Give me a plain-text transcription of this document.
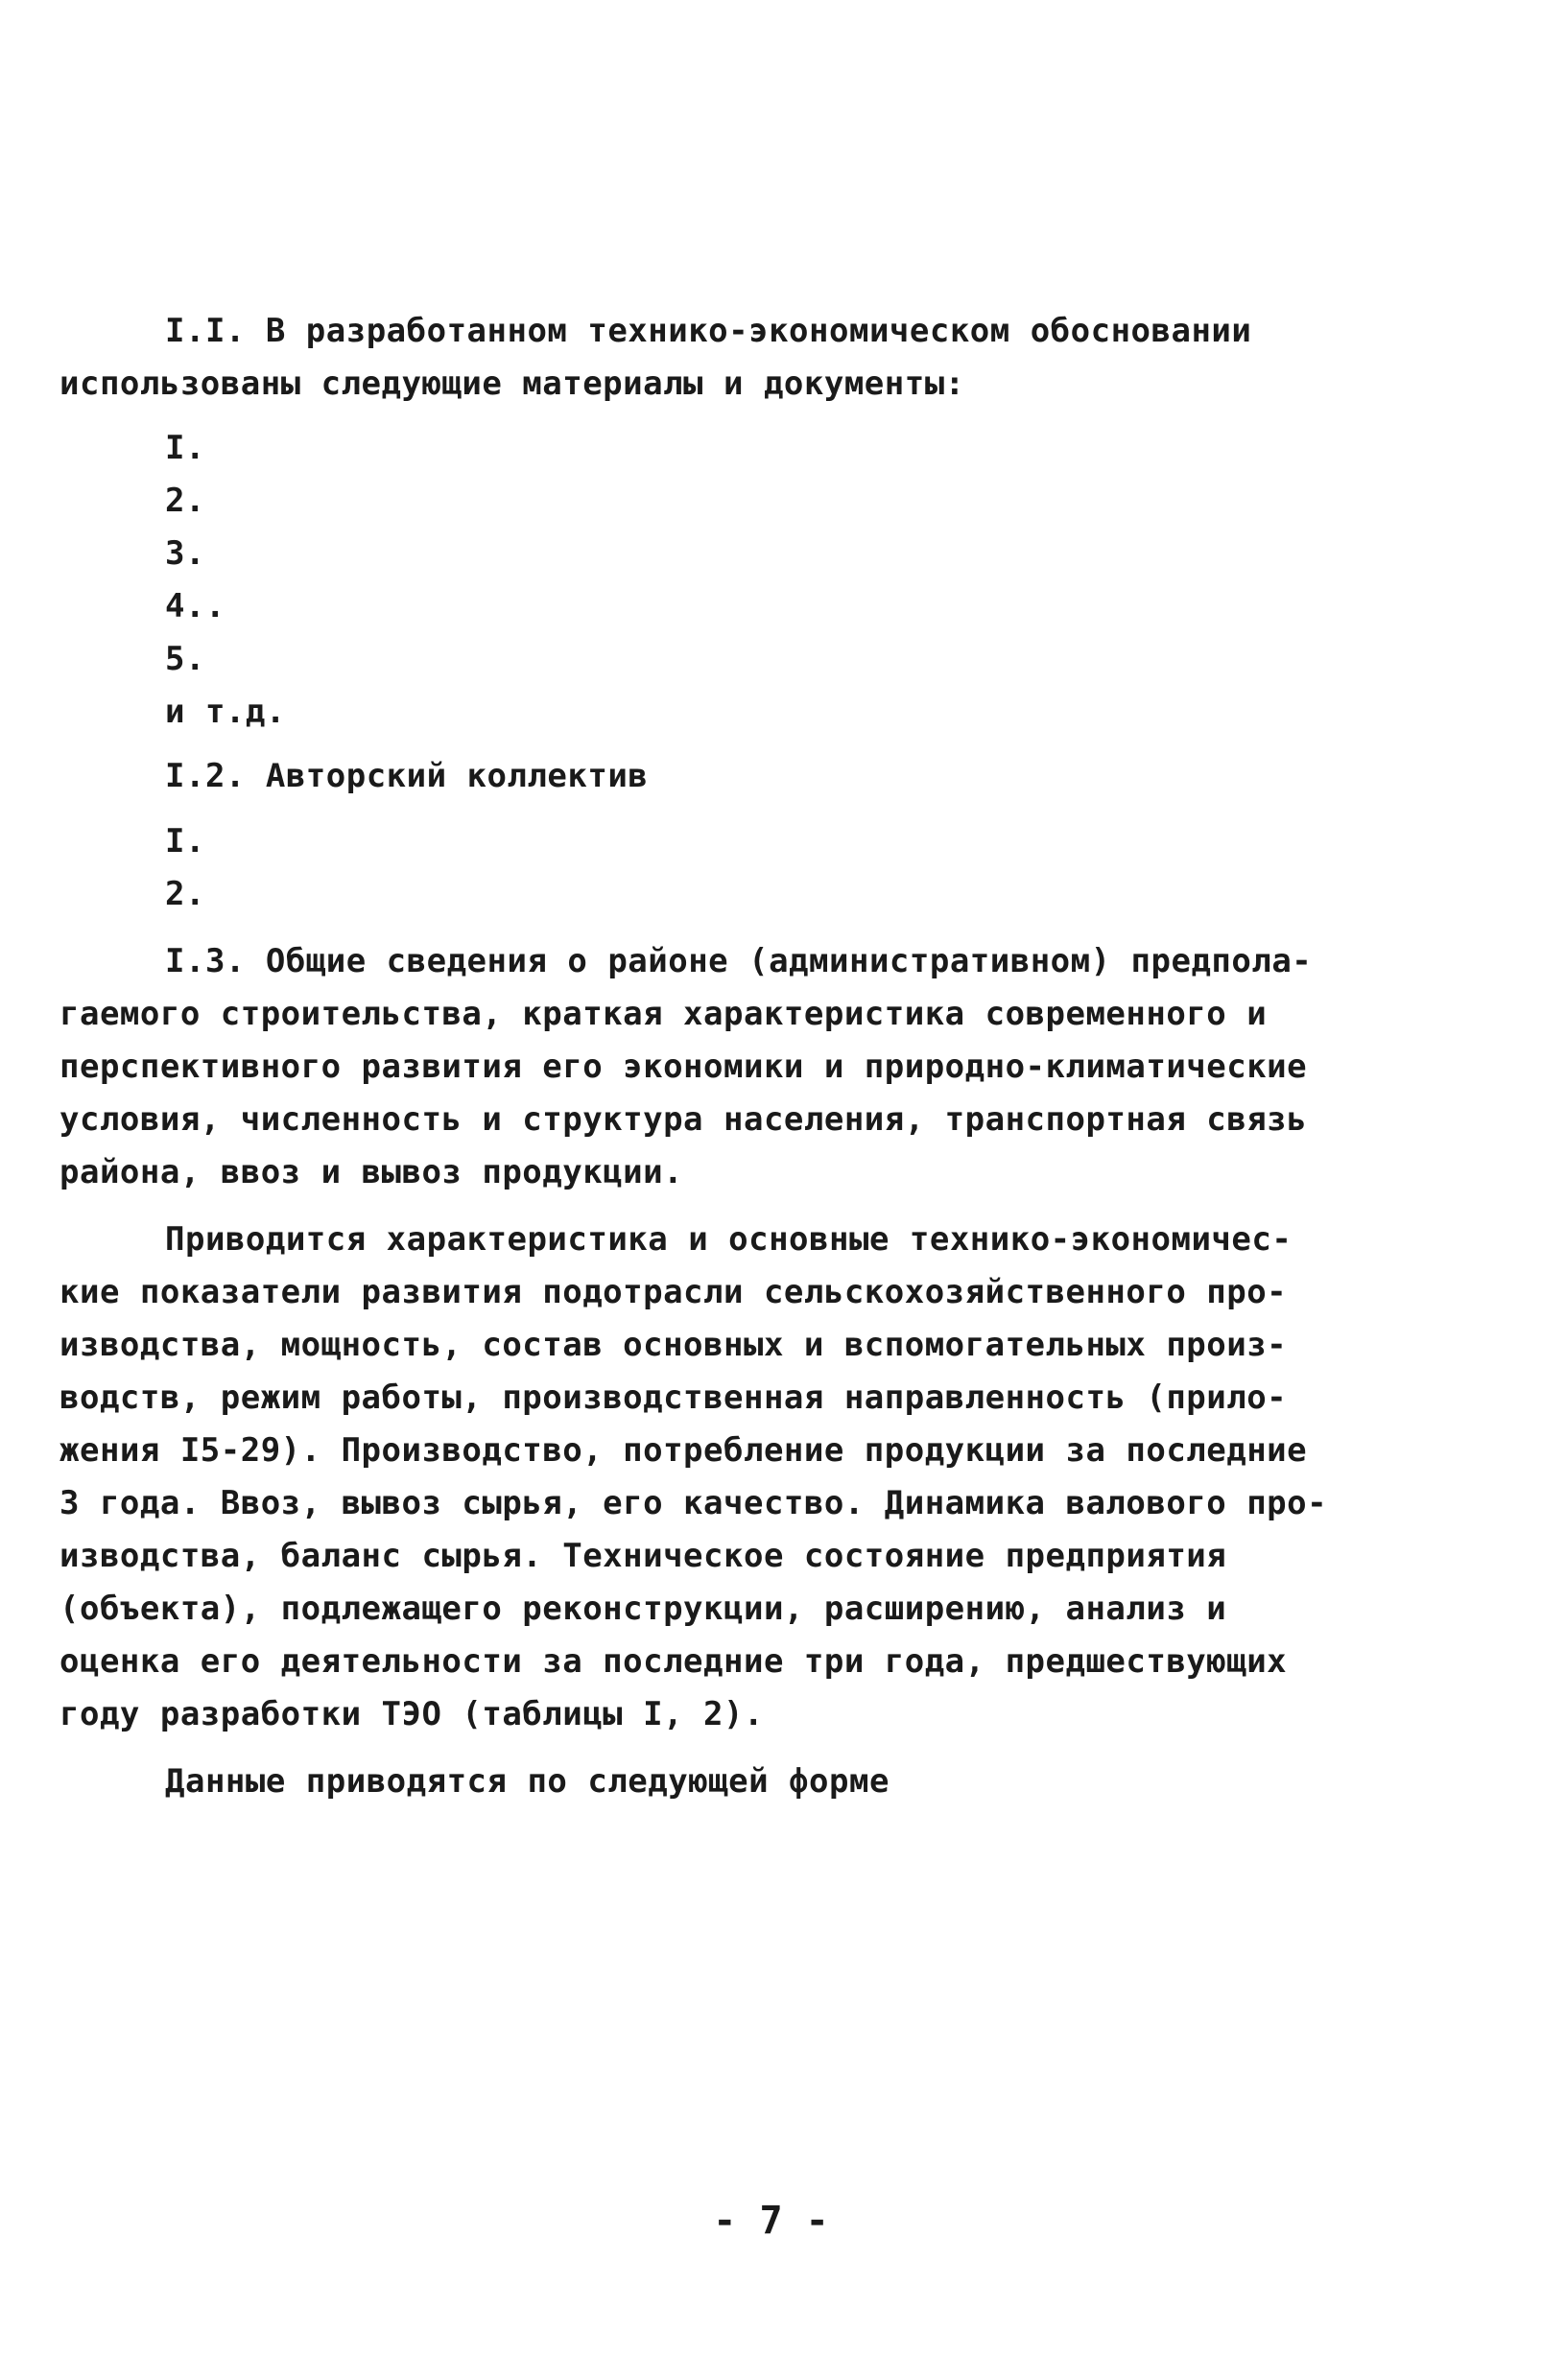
I.I. В разработанном технико-экономическом обосновании
использованы следующие материалы и документы:
I.
2.
3.
4..
5.
и т.д.
I.2. Авторский коллектив
I.
2.
I.3. Общие сведения о районе (административном) предпола-
гаемого строительства, краткая характеристика современного и
перспективного развития его экономики и природно-климатические
условия, численность и структура населения, транспортная связь
района, ввоз и вывоз продукции.
Приводится характеристика и основные технико-экономичес-
кие показатели развития подотрасли сельскохозяйственного про-
изводства, мощность, состав основных и вспомогательных произ-
водств, режим работы, производственная направленность (прило-
жения I5-29). Производство, потребление продукции за последние
3 года. Ввоз, вывоз сырья, его качество. Динамика валового про-
изводства, баланс сырья. Техническое состояние предприятия
(объекта), подлежащего реконструкции, расширению, анализ и
оценка его деятельности за последние три года, предшествующих
году разработки ТЭО (таблицы I, 2).
Данные приводятся по следующей форме
- 7 -
